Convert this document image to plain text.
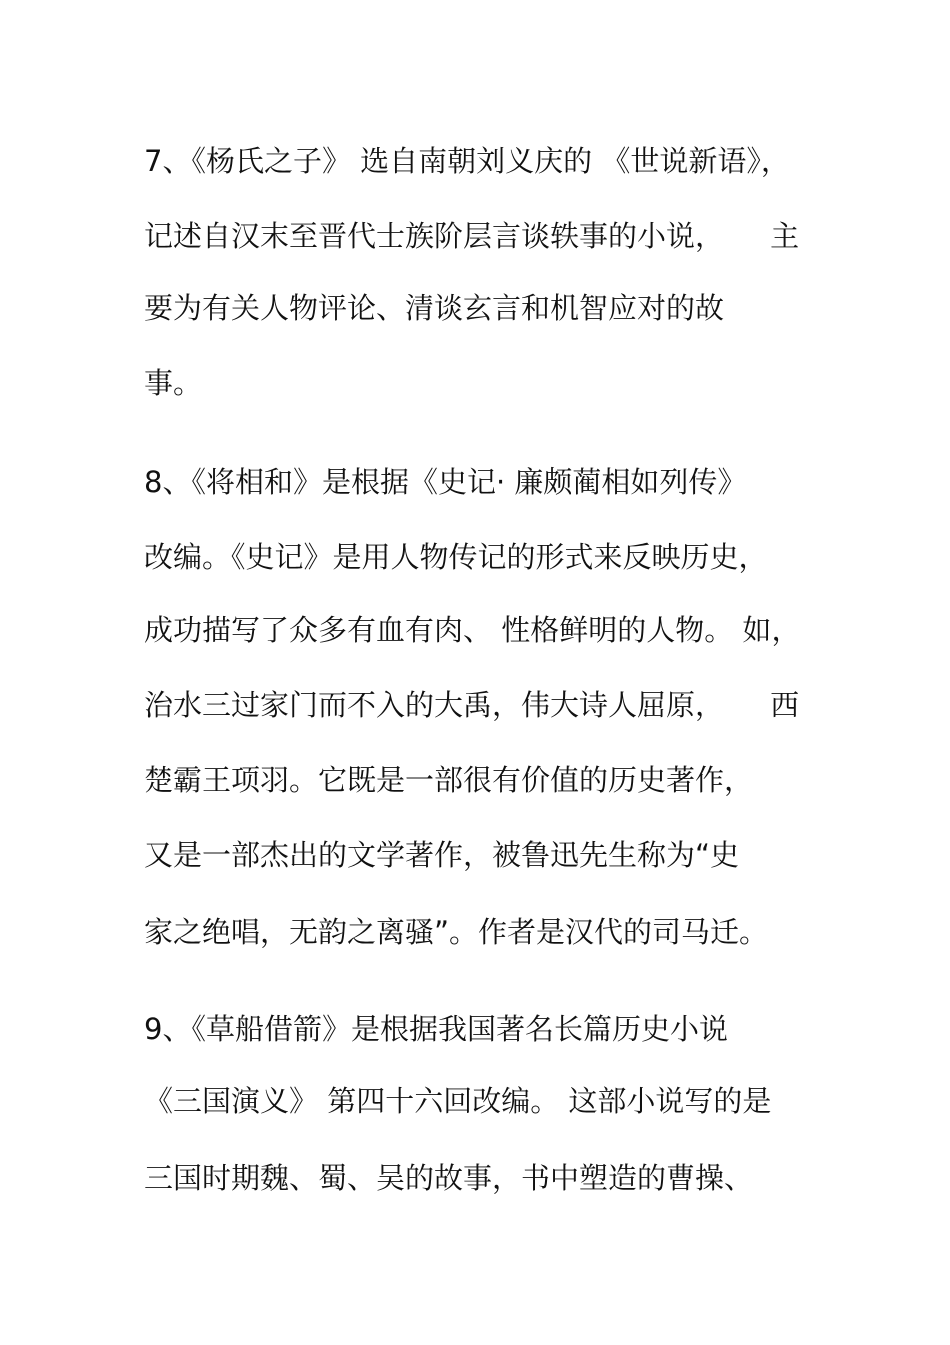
7、《杨氏之子》 选自南朝刘义庆的 《世说新语》，
记述自汉末至晋代士族阶层言谈轶事的小说，     主
要为有关人物评论、清谈玄言和机智应对的故
事。
8、《将相和》是根据《史记· 廉颇蔺相如列传》
改编。《史记》是用人物传记的形式来反映历史，
成功描写了众多有血有肉、 性格鲜明的人物。 如，
治水三过家门而不入的大禹，伟大诗人屈原，     西
楚霸王项羽。它既是一部很有价值的历史著作，
又是一部杰出的文学著作，被鲁迅先生称为“史
家之绝唱，无韵之离骚”。作者是汉代的司马迁。
9、《草船借箭》是根据我国著名长篇历史小说
《三国演义》 第四十六回改编。 这部小说写的是
三国时期魏、蜀、吴的故事，书中塑造的曹操、
